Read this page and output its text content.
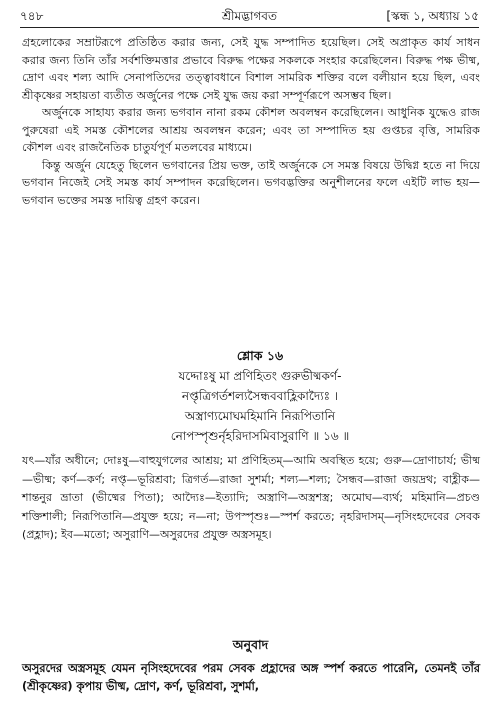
৭৪৮	শ্রীমদ্ভাগবত	[স্কন্ধ ১, অধ্যায় ১৫

গ্রহলোকের সম্রাটরূপে প্রতিষ্ঠিত করার জন্য, সেই যুদ্ধ সম্পাদিত হয়েছিল। সেই অপ্রাকৃত কার্য সাধন করার জন্য তিনি তাঁর সর্বশক্তিমত্তার প্রভাবে বিরুদ্ধ পক্ষের সকলকে সংহার করেছিলেন। বিরুদ্ধ পক্ষ ভীষ্ম, দ্রোণ এবং শল্য আদি সেনাপতিদের তত্ত্বাবধানে বিশাল সামরিক শক্তির বলে বলীয়ান হয়ে ছিল, এবং শ্রীকৃষ্ণের সহায়তা ব্যতীত অর্জুনের পক্ষে সেই যুদ্ধ জয় করা সম্পূর্ণরূপে অসম্ভব ছিল।

অর্জুনকে সাহায্য করার জন্য ভগবান নানা রকম কৌশল অবলম্বন করেছিলেন। আধুনিক যুদ্ধেও রাজ পুরুষেরা এই সমস্ত কৌশলের আশ্রয় অবলম্বন করেন; এবং তা সম্পাদিত হয় গুপ্তচর বৃত্তি, সামরিক কৌশল এবং রাজনৈতিক চাতুর্যপূর্ণ মতলবের মাধ্যমে।

কিন্তু অর্জুন যেহেতু ছিলেন ভগবানের প্রিয় ভক্ত, তাই অর্জুনকে সে সমস্ত বিষয়ে উদ্বিগ্ন হতে না দিয়ে ভগবান নিজেই সেই সমস্ত কার্য সম্পাদন করেছিলেন। ভগবদ্ভক্তির অনুশীলনের ফলে এইটি লাভ হয়—ভগবান ভক্তের সমস্ত দায়িত্ব গ্রহণ করেন।

শ্লোক ১৬
যদ্দোঃষু মা প্রণিহিতং গুরুভীষ্মকর্ণ-
নপ্তৃত্রিগর্তশল্যসৈন্ধববাহ্লিকাদ্যৈঃ ।
অস্ত্রাণ্যমোঘমহিমানি নিরূপিতানি
নোপস্পৃশুর্নৃহরিদাসমিবাসুরাণি ॥ ১৬ ॥

যৎ—যাঁর অধীনে; দোঃষু—বাহুযুগলের আশ্রয়; মা প্রণিহিতম্—আমি অবস্থিত হয়ে; গুরু—দ্রোণাচার্য; ভীষ্ম—ভীষ্ম; কর্ণ—কর্ণ; নপ্তৃ—ভূরিশ্রবা; ত্রিগর্ত—রাজা সুশর্মা; শল্য—শল্য; সৈন্ধব—রাজা জয়দ্রথ; বাহ্লীক—শান্তনুর ভ্রাতা (ভীষ্মের পিতা); আদ্যৈঃ—ইত্যাদি; অস্ত্রাণি—অস্ত্রশস্ত্র; অমোঘ—ব্যর্থ; মহিমানি—প্রচণ্ড শক্তিশালী; নিরূপিতানি—প্রযুক্ত হয়ে; ন—না; উপস্পৃশুঃ—স্পর্শ করতে; নৃহরিদাসম্—নৃসিংহদেবের সেবক (প্রহ্লাদ); ইব—মতো; অসুরাণি—অসুরদের প্রযুক্ত অস্ত্রসমূহ।

অনুবাদ
অসুরদের অস্ত্রসমূহ যেমন নৃসিংহদেবের পরম সেবক প্রহ্লাদের অঙ্গ স্পর্শ করতে পারেনি, তেমনই তাঁর (শ্রীকৃষ্ণের) কৃপায় ভীষ্ম, দ্রোণ, কর্ণ, ভূরিশ্রবা, সুশর্মা,
